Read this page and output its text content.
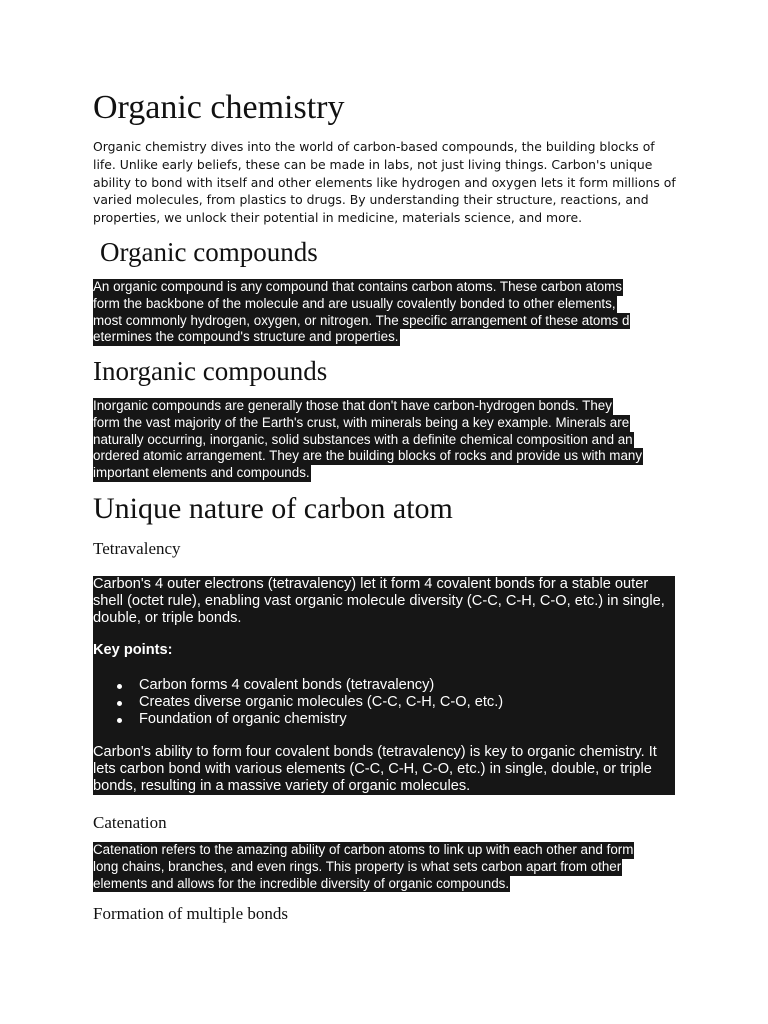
Organic chemistry

Organic chemistry dives into the world of carbon-based compounds, the building blocks of life. Unlike early beliefs, these can be made in labs, not just living things. Carbon's unique ability to bond with itself and other elements like hydrogen and oxygen lets it form millions of varied molecules, from plastics to drugs. By understanding their structure, reactions, and properties, we unlock their potential in medicine, materials science, and more.

Organic compounds
An organic compound is any compound that contains carbon atoms. These carbon atoms
form the backbone of the molecule and are usually covalently bonded to other elements,
most commonly hydrogen, oxygen, or nitrogen. The specific arrangement of these atoms d
etermines the compound's structure and properties.
Inorganic compounds
Inorganic compounds are generally those that don't have carbon-hydrogen bonds. They
form the vast majority of the Earth's crust, with minerals being a key example. Minerals are
naturally occurring, inorganic, solid substances with a definite chemical composition and an
ordered atomic arrangement. They are the building blocks of rocks and provide us with many
important elements and compounds.
Unique nature of carbon atom
Tetravalency

Carbon's 4 outer electrons (tetravalency) let it form 4 covalent bonds for a stable outer shell (octet rule), enabling vast organic molecule diversity (C-C, C-H, C-O, etc.) in single, double, or triple bonds.

Key points:

Carbon forms 4 covalent bonds (tetravalency)
Creates diverse organic molecules (C-C, C-H, C-O, etc.)
Foundation of organic chemistry

Carbon's ability to form four covalent bonds (tetravalency) is key to organic chemistry. It lets carbon bond with various elements (C-C, C-H, C-O, etc.) in single, double, or triple bonds, resulting in a massive variety of organic molecules.

Catenation
Catenation refers to the amazing ability of carbon atoms to link up with each other and form
long chains, branches, and even rings. This property is what sets carbon apart from other
elements and allows for the incredible diversity of organic compounds.
Formation of multiple bonds
